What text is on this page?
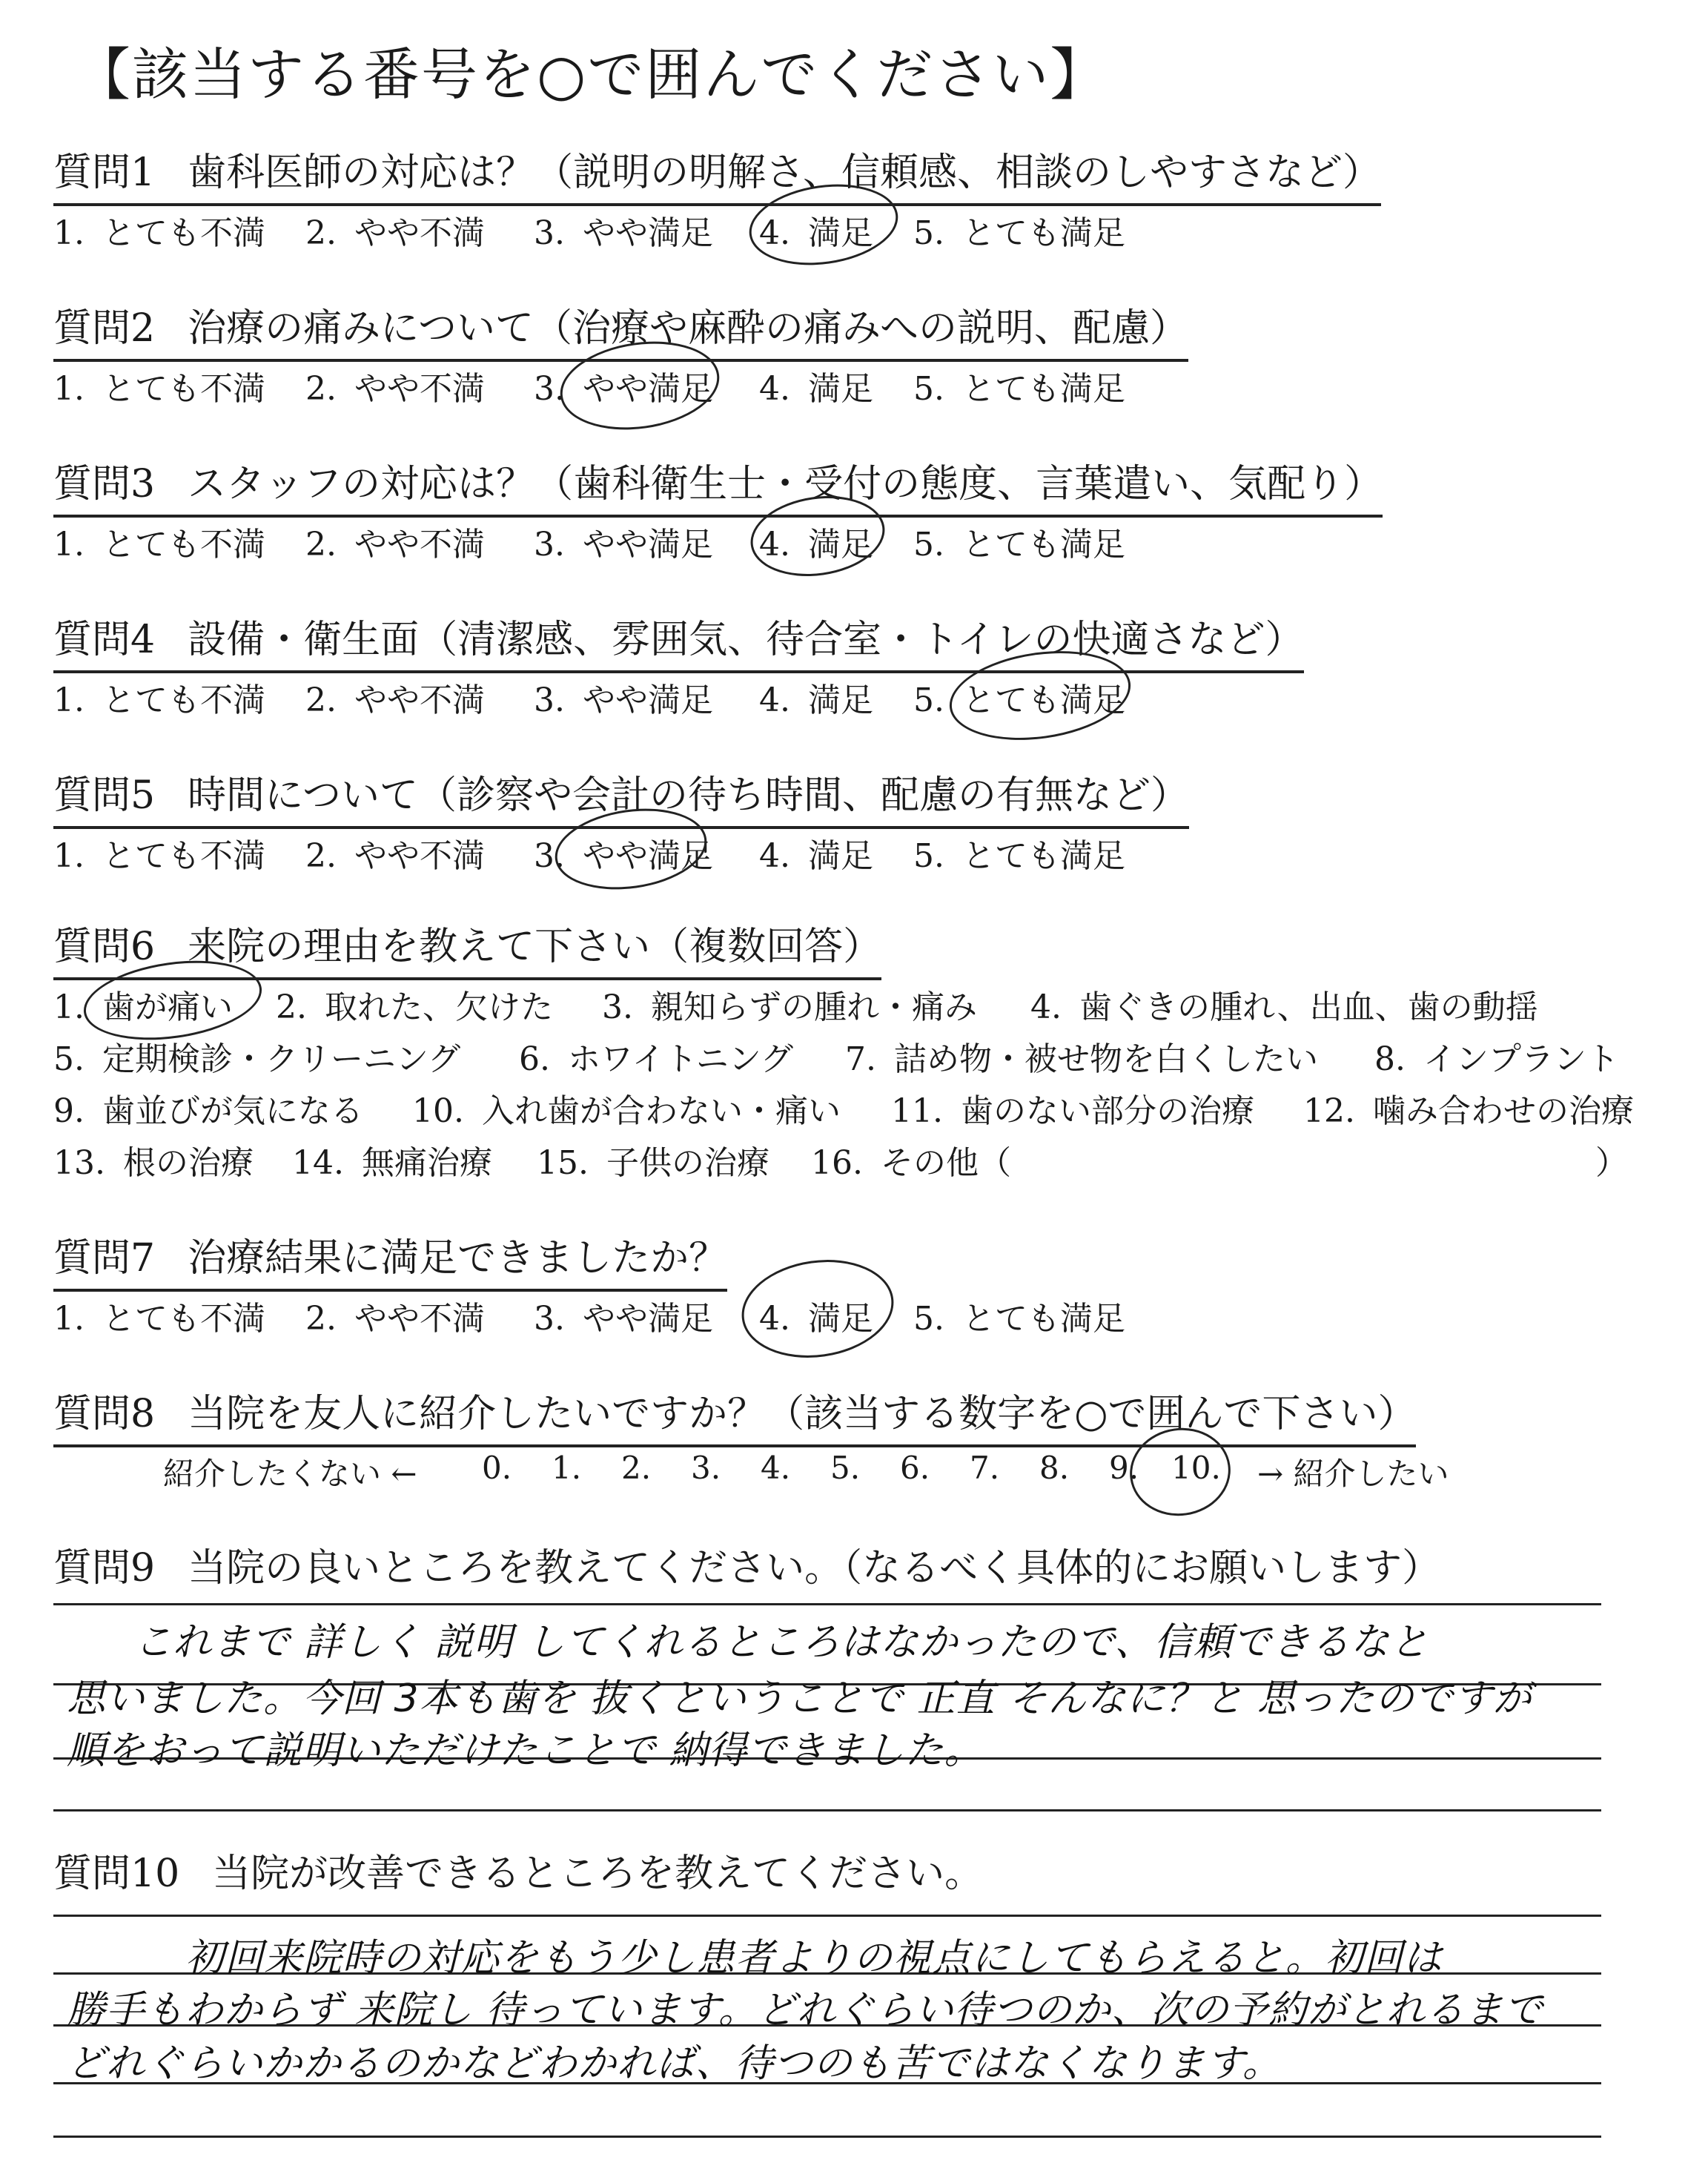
【該当する番号を○で囲んでください】
質問1 歯科医師の対応は？（説明の明解さ、信頼感、相談のしやすさなど）
1. とても不満 2. やや不満 3. やや満足 4. 満足 5. とても満足
質問2 治療の痛みについて（治療や麻酔の痛みへの説明、配慮）
1. とても不満 2. やや不満 3. やや満足 4. 満足 5. とても満足
質問3 スタッフの対応は？（歯科衛生士・受付の態度、言葉遣い、気配り）
1. とても不満 2. やや不満 3. やや満足 4. 満足 5. とても満足
質問4 設備・衛生面（清潔感、雰囲気、待合室・トイレの快適さなど）
1. とても不満 2. やや不満 3. やや満足 4. 満足 5. とても満足
質問5 時間について（診察や会計の待ち時間、配慮の有無など）
1. とても不満 2. やや不満 3. やや満足 4. 満足 5. とても満足
質問6 来院の理由を教えて下さい（複数回答）
1. 歯が痛い 2. 取れた、欠けた 3. 親知らずの腫れ・痛み 4. 歯ぐきの腫れ、出血、歯の動揺
5. 定期検診・クリーニング 6. ホワイトニング 7. 詰め物・被せ物を白くしたい 8. インプラント
9. 歯並びが気になる 10. 入れ歯が合わない・痛い 11. 歯のない部分の治療 12. 噛み合わせの治療
13. 根の治療 14. 無痛治療 15. 子供の治療 16. その他（	）
質問7 治療結果に満足できましたか？
1. とても不満 2. やや不満 3. やや満足 4. 満足 5. とても満足
質問8 当院を友人に紹介したいですか？（該当する数字を○で囲んで下さい）
紹介したくない ← 0. 1. 2. 3. 4. 5. 6. 7. 8. 9. 10. → 紹介したい
質問9 当院の良いところを教えてください。（なるべく具体的にお願いします）
これまで 詳しく 説明 してくれるところはなかったので、信頼できるなと
思いました。今回 3本も歯を 抜くということで 正直 そんなに？と 思ったのですが
順をおって説明いただけたことで 納得できました。
質問10 当院が改善できるところを教えてください。
初回来院時の対応をもう少し患者よりの視点にしてもらえると。初回は
勝手もわからず 来院し 待っています。どれぐらい待つのか、次の予約がとれるまで
どれぐらいかかるのかなどわかれば、待つのも苦ではなくなります。
